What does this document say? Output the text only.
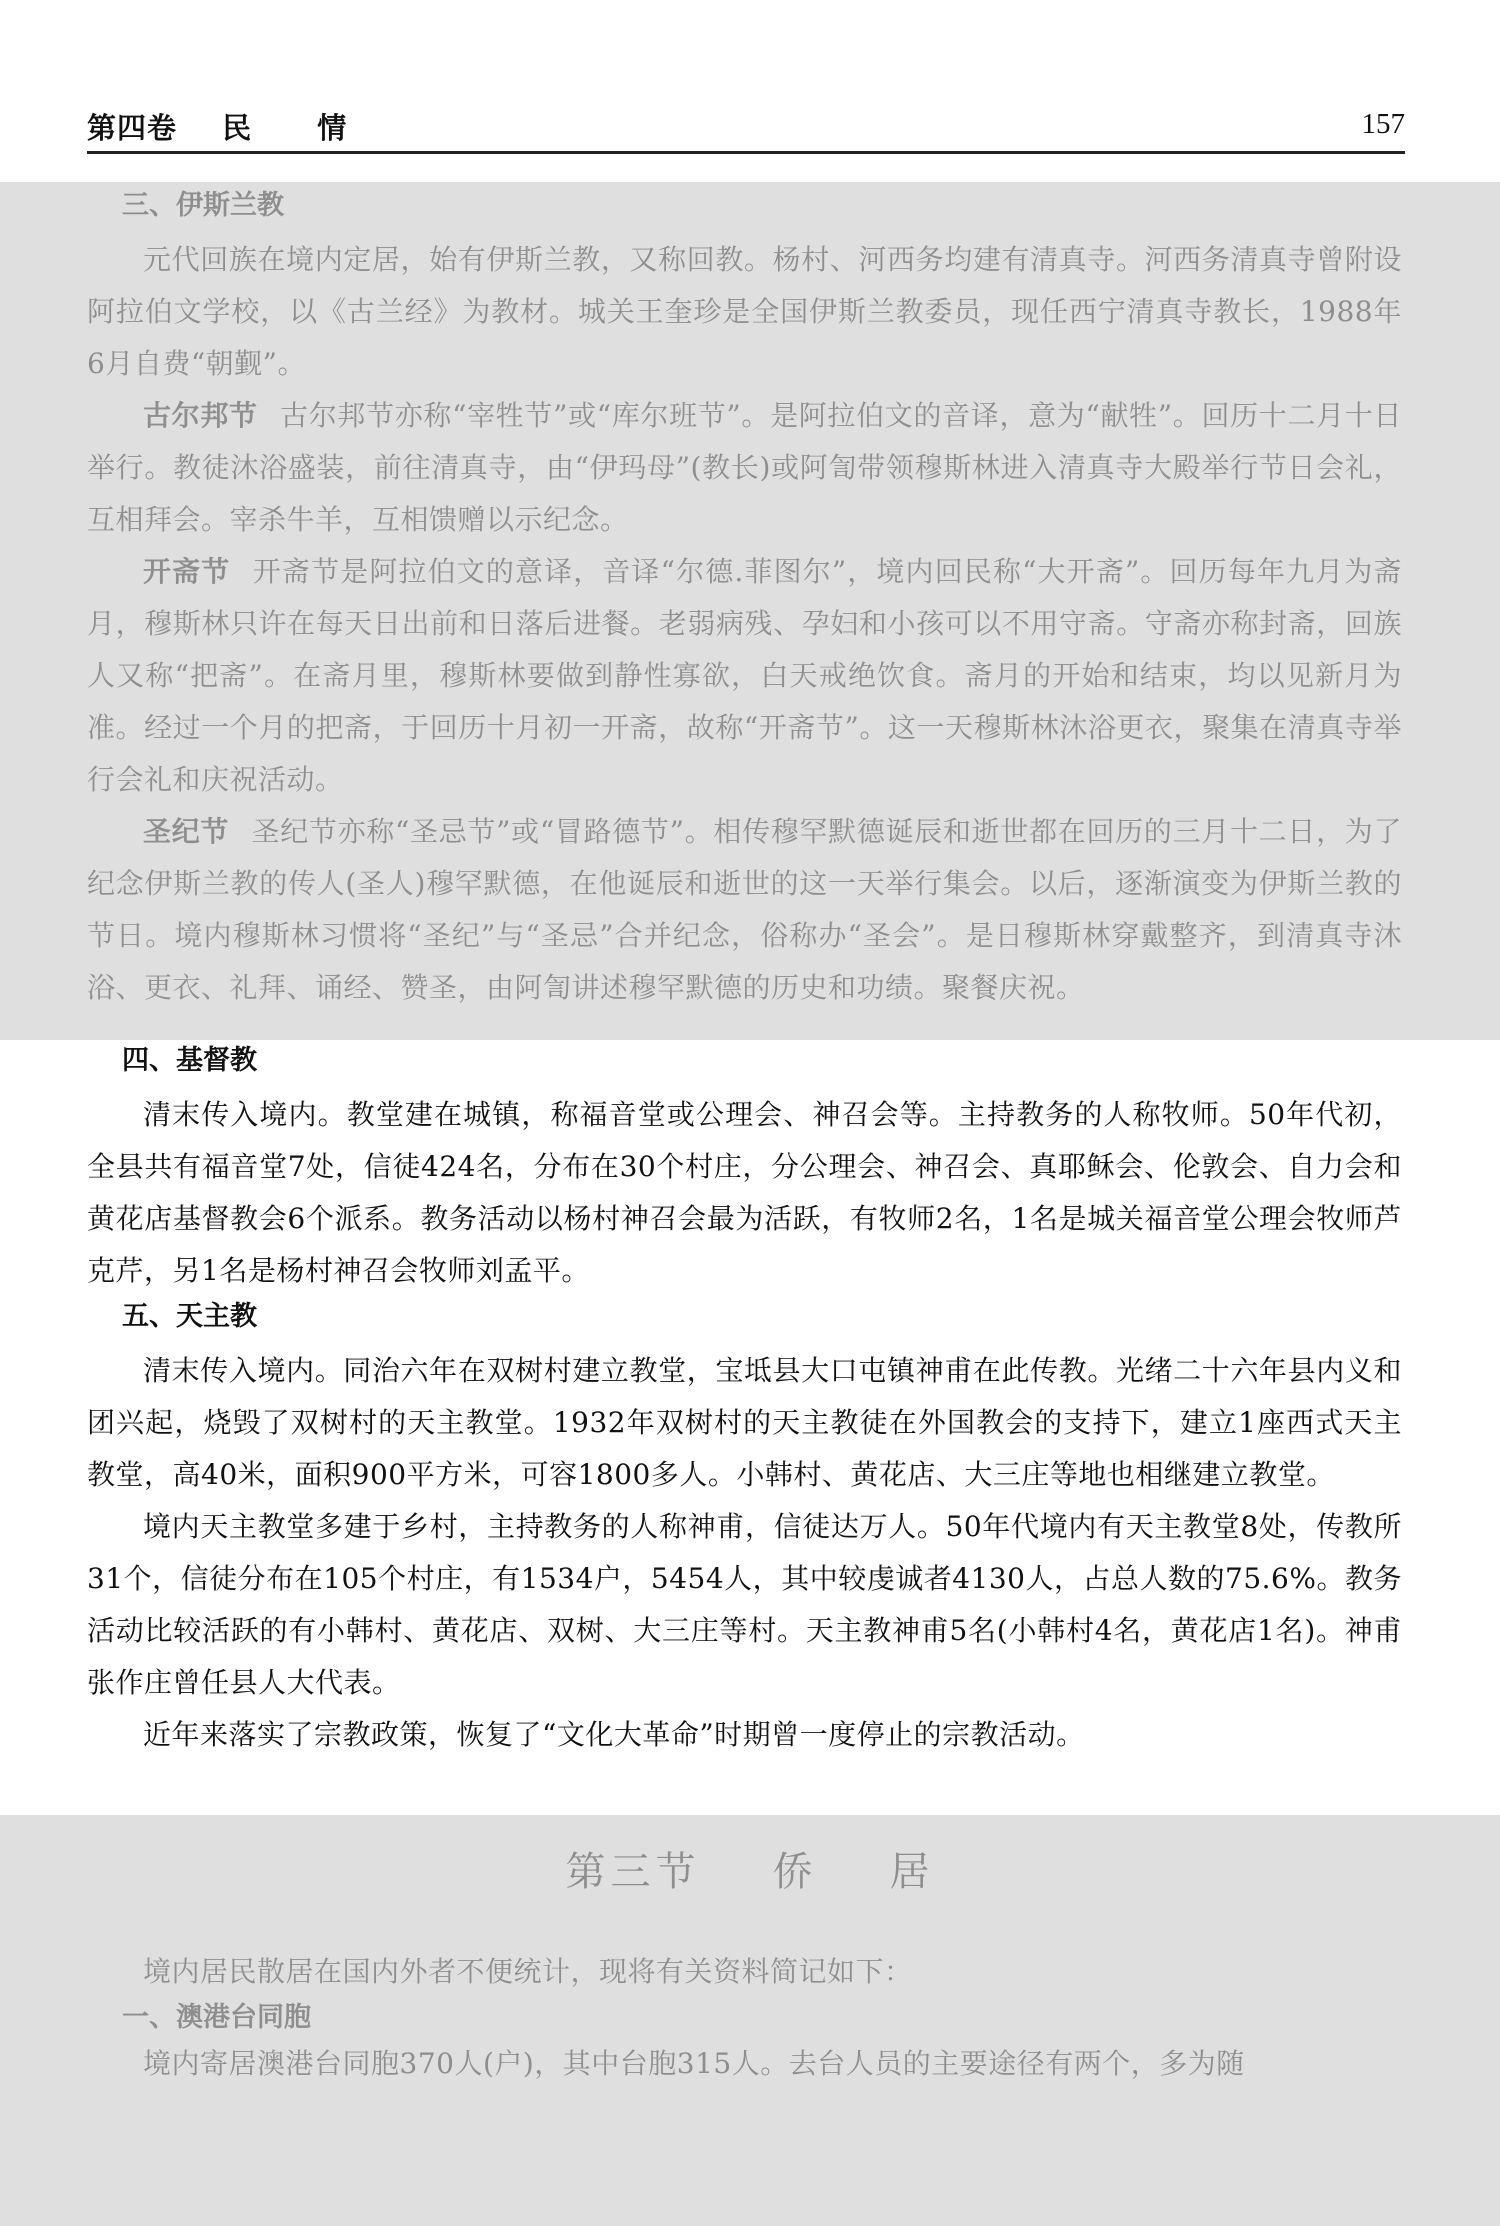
第四卷 民 情	157
三、伊斯兰教

元代回族在境内定居，始有伊斯兰教，又称回教。杨村、河西务均建有清真寺。河西务清真寺曾附设阿拉伯文学校，以《古兰经》为教材。城关王奎珍是全国伊斯兰教委员，现任西宁清真寺教长，1988年6月自费“朝觐”。

古尔邦节 古尔邦节亦称“宰牲节”或“库尔班节”。是阿拉伯文的音译，意为“献牲”。回历十二月十日举行。教徒沐浴盛装，前往清真寺，由“伊玛母”(教长)或阿訇带领穆斯林进入清真寺大殿举行节日会礼，互相拜会。宰杀牛羊，互相馈赠以示纪念。

开斋节 开斋节是阿拉伯文的意译，音译“尔德.菲图尔”，境内回民称“大开斋”。回历每年九月为斋月，穆斯林只许在每天日出前和日落后进餐。老弱病残、孕妇和小孩可以不用守斋。守斋亦称封斋，回族人又称“把斋”。在斋月里，穆斯林要做到静性寡欲，白天戒绝饮食。斋月的开始和结束，均以见新月为准。经过一个月的把斋，于回历十月初一开斋，故称“开斋节”。这一天穆斯林沐浴更衣，聚集在清真寺举行会礼和庆祝活动。

圣纪节 圣纪节亦称“圣忌节”或“冒路德节”。相传穆罕默德诞辰和逝世都在回历的三月十二日，为了纪念伊斯兰教的传人(圣人)穆罕默德，在他诞辰和逝世的这一天举行集会。以后，逐渐演变为伊斯兰教的节日。境内穆斯林习惯将“圣纪”与“圣忌”合并纪念，俗称办“圣会”。是日穆斯林穿戴整齐，到清真寺沐浴、更衣、礼拜、诵经、赞圣，由阿訇讲述穆罕默德的历史和功绩。聚餐庆祝。

四、基督教

清末传入境内。教堂建在城镇，称福音堂或公理会、神召会等。主持教务的人称牧师。50年代初，全县共有福音堂7处，信徒424名，分布在30个村庄，分公理会、神召会、真耶稣会、伦敦会、自力会和黄花店基督教会6个派系。教务活动以杨村神召会最为活跃，有牧师2名，1名是城关福音堂公理会牧师芦克芹，另1名是杨村神召会牧师刘孟平。

五、天主教

清末传入境内。同治六年在双树村建立教堂，宝坻县大口屯镇神甫在此传教。光绪二十六年县内义和团兴起，烧毁了双树村的天主教堂。1932年双树村的天主教徒在外国教会的支持下，建立1座西式天主教堂，高40米，面积900平方米，可容1800多人。小韩村、黄花店、大三庄等地也相继建立教堂。

境内天主教堂多建于乡村，主持教务的人称神甫，信徒达万人。50年代境内有天主教堂8处，传教所31个，信徒分布在105个村庄，有1534户，5454人，其中较虔诚者4130人，占总人数的75.6%。教务活动比较活跃的有小韩村、黄花店、双树、大三庄等村。天主教神甫5名(小韩村4名，黄花店1名)。神甫张作庄曾任县人大代表。

近年来落实了宗教政策，恢复了“文化大革命”时期曾一度停止的宗教活动。

第三节 侨 居

境内居民散居在国内外者不便统计，现将有关资料简记如下：

一、澳港台同胞

境内寄居澳港台同胞370人(户)，其中台胞315人。去台人员的主要途径有两个，多为随
